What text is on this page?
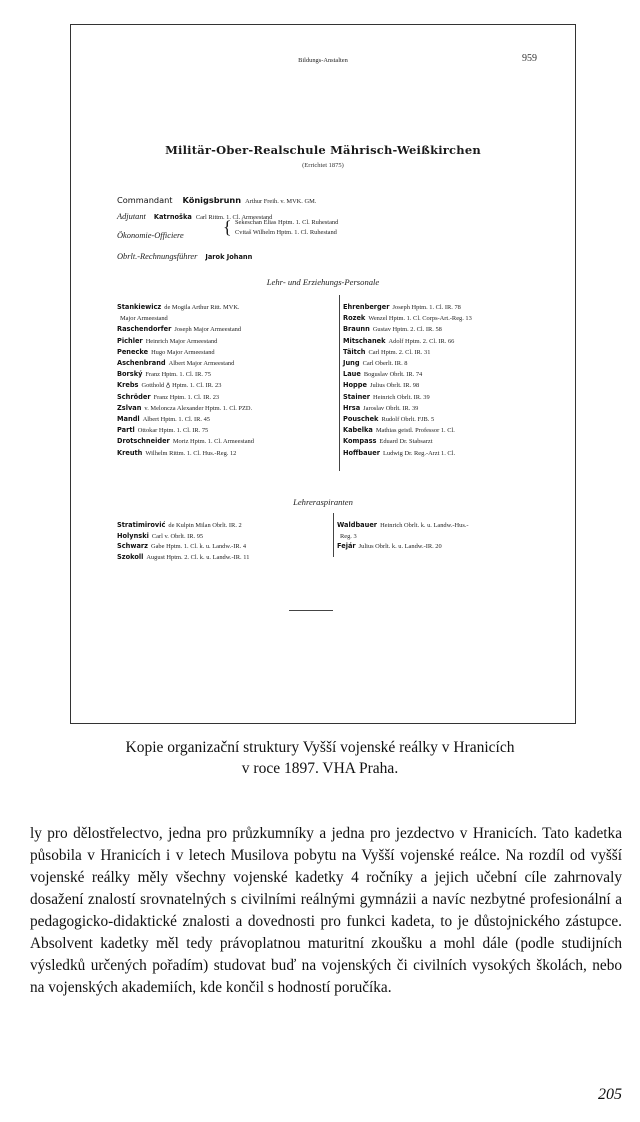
Bildungs-Anstalten	959
Militär-Ober-Realschule Mährisch-Weißkirchen
(Errichtet 1875)
Commandant Königsbrunn Arthur Freih. v. MVK. GM.
Adjutant Katrnoška Carl Rittm. 1. Cl. Armeestand
Ökonomie-Officiere { Sekeschan Elias Hptm. 1. Cl. Ruhestand
Cvitaš Wilhelm Hptm. 1. Cl. Ruhestand
Obrlt.-Rechnungsführer Jarok Johann
Lehr- und Erziehungs-Personale
Stankiewicz de Mogila Arthur Ritt. MVK.
Major Armeestand
Raschendorfer Joseph Major Armeestand
Pichler Heinrich Major Armeestand
Penecke Hugo Major Armeestand
Aschenbrand Albert Major Armeestand
Borský Franz Hptm. 1. Cl. IR. 75
Krebs Gotthold ♁ Hptm. 1. Cl. IR. 23
Schröder Franz Hptm. 1. Cl. IR. 23
Zslvan v. Meloncza Alexander Hptm. 1. Cl. PZD.
Mandl Albert Hptm. 1. Cl. IR. 45
Partl Ottokar Hptm. 1. Cl. IR. 75
Drotschneider Moriz Hptm. 1. Cl. Armeestand
Kreuth Wilhelm Rittm. 1. Cl. Hus.-Reg. 12
Ehrenberger Joseph Hptm. 1. Cl. IR. 78
Rozek Wenzel Hptm. 1. Cl. Corps-Art.-Reg. 13
Braunn Gustav Hptm. 2. Cl. IR. 58
Mitschanek Adolf Hptm. 2. Cl. IR. 66
Täitch Carl Hptm. 2. Cl. IR. 31
Jung Carl Oberlt. IR. 8
Laue Boguslav Obrlt. IR. 74
Hoppe Julius Obrlt. IR. 98
Stainer Heinrich Obrlt. IR. 39
Hrsa Jaroslav Obrlt. IR. 39
Pouschek Rudolf Obrlt. FJB. 5
Kabelka Mathias geistl. Professor 1. Cl.
Kompass Eduard Dr. Stabsarzt
Hoffbauer Ludwig Dr. Reg.-Arzt 1. Cl.
Lehreraspiranten
Stratimirović de Kulpin Milan Obrlt. IR. 2
Holynski Carl v. Obrlt. IR. 95
Schwarz Gabe Hptm. 1. Cl. k. u. Landw.-IR. 4
Szokoll August Hptm. 2. Cl. k. u. Landw.-IR. 11
Waldbauer Heinrich Obrlt. k. u. Landw.-Hus.-
Reg. 3
Fejár Julius Obrlt. k. u. Landw.-IR. 20
Kopie organizační struktury Vyšší vojenské reálky v Hranicích
v roce 1897. VHA Praha.

ly pro dělostřelectvo, jedna pro průzkumníky a jedna pro jezdectvo v Hranicích. Tato kadetka působila v Hranicích i v letech Musilova pobytu na Vyšší vojenské reálce. Na rozdíl od vyšší vojenské reálky měly všechny vojenské kadetky 4 ročníky a jejich učební cíle zahrnovaly dosažení znalostí srovnatelných s civilními reálnými gymnázii a navíc nezbytné profesionální a pedagogicko-didaktické znalosti a dovednosti pro funkci kadeta, to je důstojnického zástupce. Absolvent kadetky měl tedy právoplatnou maturitní zkoušku a mohl dále (podle studijních výsledků určených pořadím) studovat buď na vojenských či civilních vysokých školách, nebo na vojenských akademiích, kde končil s hodností poručíka.

205
